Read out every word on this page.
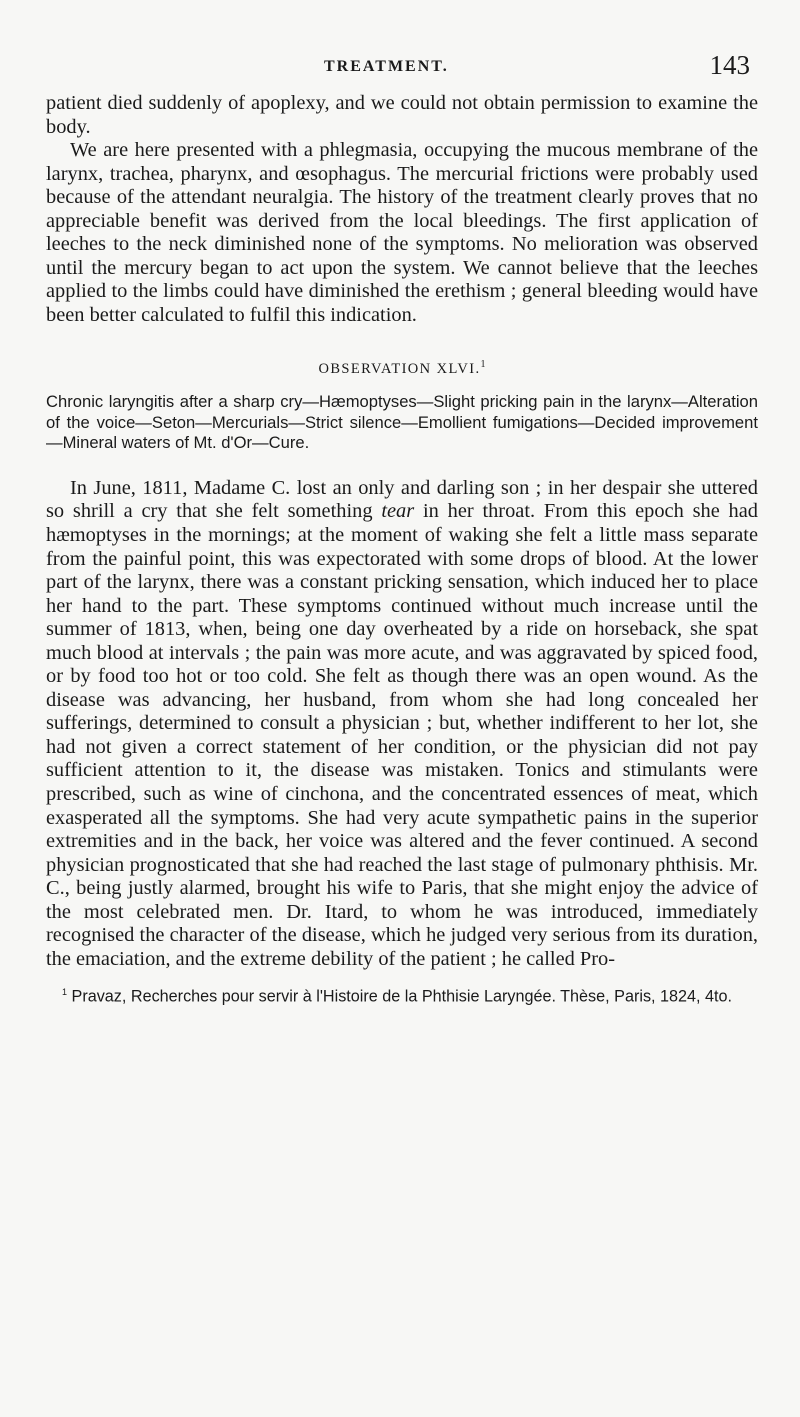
TREATMENT.	143

patient died suddenly of apoplexy, and we could not obtain permission to examine the body.

We are here presented with a phlegmasia, occupying the mucous membrane of the larynx, trachea, pharynx, and œsophagus. The mercurial frictions were probably used because of the attendant neuralgia. The history of the treatment clearly proves that no appreciable benefit was derived from the local bleedings. The first application of leeches to the neck diminished none of the symptoms. No melioration was observed until the mercury began to act upon the system. We cannot believe that the leeches applied to the limbs could have diminished the erethism ; general bleeding would have been better calculated to fulfil this indication.

OBSERVATION XLVI.$^1$

Chronic laryngitis after a sharp cry—Hæmoptyses—Slight pricking pain in the larynx—Alteration of the voice—Seton—Mercurials—Strict silence—Emollient fumigations—Decided improvement—Mineral waters of Mt. d'Or—Cure.

In June, 1811, Madame C. lost an only and darling son ; in her despair she uttered so shrill a cry that she felt something tear in her throat. From this epoch she had hæmoptyses in the mornings; at the moment of waking she felt a little mass separate from the painful point, this was expectorated with some drops of blood. At the lower part of the larynx, there was a constant pricking sensation, which induced her to place her hand to the part. These symptoms continued without much increase until the summer of 1813, when, being one day overheated by a ride on horseback, she spat much blood at intervals ; the pain was more acute, and was aggravated by spiced food, or by food too hot or too cold. She felt as though there was an open wound. As the disease was advancing, her husband, from whom she had long concealed her sufferings, determined to consult a physician ; but, whether indifferent to her lot, she had not given a correct statement of her condition, or the physician did not pay sufficient attention to it, the disease was mistaken. Tonics and stimulants were prescribed, such as wine of cinchona, and the concentrated essences of meat, which exasperated all the symptoms. She had very acute sympathetic pains in the superior extremities and in the back, her voice was altered and the fever continued. A second physician prognosticated that she had reached the last stage of pulmonary phthisis. Mr. C., being justly alarmed, brought his wife to Paris, that she might enjoy the advice of the most celebrated men. Dr. Itard, to whom he was introduced, immediately recognised the character of the disease, which he judged very serious from its duration, the emaciation, and the extreme debility of the patient ; he called Pro-

$^1$ Pravaz, Recherches pour servir à l'Histoire de la Phthisie Laryngée. Thèse, Paris, 1824, 4to.
